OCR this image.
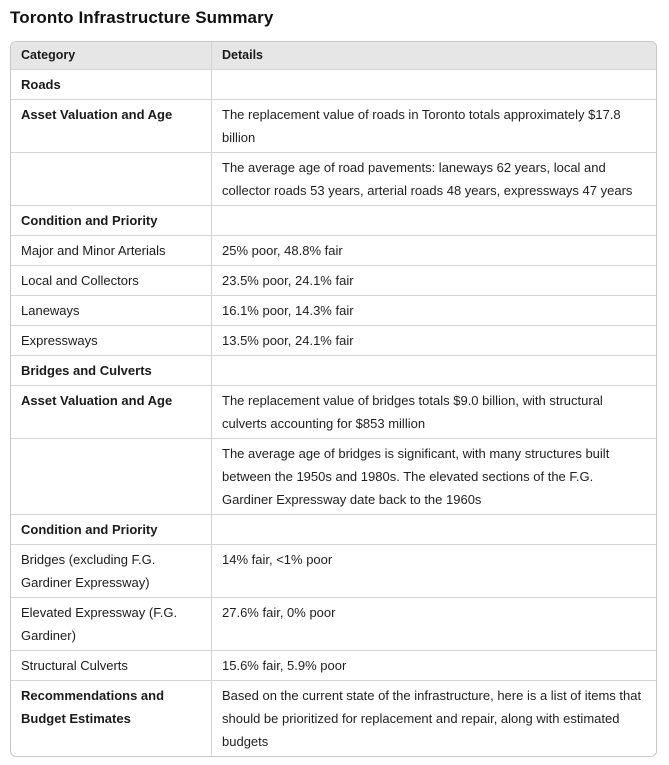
Toronto Infrastructure Summary
Category	Details
Roads	
Asset Valuation and Age	The replacement value of roads in Toronto totals approximately $17.8 billion
	The average age of road pavements: laneways 62 years, local and collector roads 53 years, arterial roads 48 years, expressways 47 years
Condition and Priority	
Major and Minor Arterials	25% poor, 48.8% fair
Local and Collectors	23.5% poor, 24.1% fair
Laneways	16.1% poor, 14.3% fair
Expressways	13.5% poor, 24.1% fair
Bridges and Culverts	
Asset Valuation and Age	The replacement value of bridges totals $9.0 billion, with structural culverts accounting for $853 million
	The average age of bridges is significant, with many structures built between the 1950s and 1980s. The elevated sections of the F.G. Gardiner Expressway date back to the 1960s
Condition and Priority	
Bridges (excluding F.G. Gardiner Expressway)	14% fair, <1% poor
Elevated Expressway (F.G. Gardiner)	27.6% fair, 0% poor
Structural Culverts	15.6% fair, 5.9% poor
Recommendations and Budget Estimates	Based on the current state of the infrastructure, here is a list of items that should be prioritized for replacement and repair, along with estimated budgets
